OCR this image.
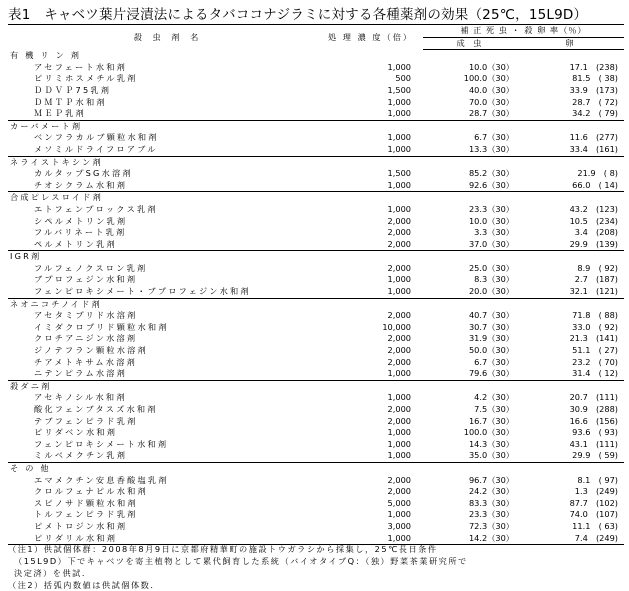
表1　キャベツ葉片浸漬法によるタバココナジラミに対する各種薬剤の効果（25℃，15L9D）
殺 虫 剤 名	処 理 濃 度（倍）	補 正 死 虫 ・ 殺 卵 率（％）	
		成 虫	卵
有 機 リ ン 剤			
アセフェート水和剤	1,000	10.0（30）	17.1　(238)
ピリミホスメチル乳剤	500	100.0（30）	81.5　( 38)
ＤＤＶＰ75乳剤	1,500	40.0（30）	33.9　(173)
ＤＭＴＰ水和剤	1,000	70.0（30）	28.7　( 72)
ＭＥＰ乳剤	1,000	28.7（30）	34.2　( 79)
カーバメート剤			
ベンフラカルブ顆粒水和剤	1,000	6.7（30）	11.6　(277)
メソミルドライフロアブル	1,000	13.3（30）	33.4　(161)
ネライストキシン剤			
カルタップSG水溶剤	1,500	85.2（30）	21.9　( 8)
チオシクラム水和剤	1,000	92.6（30）	66.0　( 14)
合成ピレスロイド剤			
エトフェンプロックス乳剤	1,000	23.3（30）	43.2　(123)
シペルメトリン乳剤	2,000	10.0（30）	10.5　(234)
フルバリネート乳剤	2,000	3.3（30）	3.4　(208)
ペルメトリン乳剤	2,000	37.0（30）	29.9　(139)
IGR剤			
フルフェノクスロン乳剤	2,000	25.0（30）	8.9　( 92)
ブプロフェジン水和剤	1,000	8.3（30）	2.7　(187)
フェンピロキシメート・ブプロフェジン水和剤	1,000	20.0（30）	32.1　(121)
ネオニコチノイド剤			
アセタミプリド水溶剤	2,000	40.7（30）	71.8　( 88)
イミダクロプリド顆粒水和剤	10,000	30.7（30）	33.0　( 92)
クロチアニジン水溶剤	2,000	31.9（30）	21.3　(141)
ジノテフラン顆粒水溶剤	2,000	50.0（30）	51.1　( 27)
チアメトキサム水溶剤	2,000	6.7（30）	23.2　( 70)
ニテンピラム水溶剤	1,000	79.6（30）	31.4　( 12)
殺ダニ剤			
アセキノシル水和剤	1,000	4.2（30）	20.7　(111)
酸化フェンブタスズ水和剤	2,000	7.5（30）	30.9　(288)
テブフェンピラド乳剤	2,000	16.7（30）	16.6　(156)
ピリダベン水和剤	1,000	100.0（30）	93.6　( 93)
フェンピロキシメート水和剤	1,000	14.3（30）	43.1　(111)
ミルベメクチン乳剤	1,000	35.0（30）	29.9　( 59)
そ の 他			
エマメクチン安息香酸塩乳剤	2,000	96.7（30）	8.1　( 97)
クロルフェナピル水和剤	2,000	24.2（30）	1.3　(249)
スピノサド顆粒水和剤	5,000	83.3（30）	87.7　(102)
トルフェンピラド乳剤	1,000	23.3（30）	74.0　(107)
ピメトロジン水和剤	3,000	72.3（30）	11.1　( 63)
ピリダリル水和剤	1,000	14.2（30）	7.4　(249)
（注1）供試個体群：2008年8月9日に京都府精華町の施設トウガラシから採集し，25℃長日条件
（15L9D）下でキャベツを寄主植物として累代飼育した系統（バイオタイプQ：（独）野菜茶業研究所で
決定済）を供試．
（注2）括弧内数値は供試個体数．
